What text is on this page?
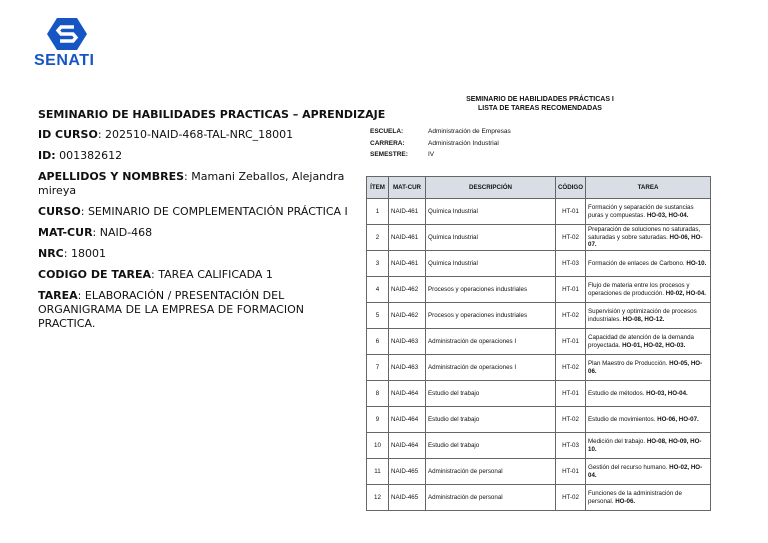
SENATI
SEMINARIO DE HABILIDADES PRACTICAS – APRENDIZAJE
ID CURSO: 202510-NAID-468-TAL-NRC_18001
ID: 001382612
APELLIDOS Y NOMBRES: Mamani Zeballos, Alejandra mireya
CURSO: SEMINARIO DE COMPLEMENTACIÓN PRÁCTICA I
MAT-CUR: NAID-468
NRC: 18001
CODIGO DE TAREA: TAREA CALIFICADA 1
TAREA: ELABORACIÓN / PRESENTACIÓN DEL ORGANIGRAMA DE LA EMPRESA DE FORMACION PRACTICA.
SEMINARIO DE HABILIDADES PRÁCTICAS I
LISTA DE TAREAS RECOMENDADAS
ESCUELA:	Administración de Empresas
CARRERA:	Administración Industrial
SEMESTRE:	IV
ÍTEM	MAT-CUR	DESCRIPCIÓN	CÓDIGO	TAREA
1	NAID-461	Química Industrial	HT-01	Formación y separación de sustancias puras y compuestas. HO-03, HO-04.
2	NAID-461	Química Industrial	HT-02	Preparación de soluciones no saturadas, saturadas y sobre saturadas. HO-06, HO-07.
3	NAID-461	Química Industrial	HT-03	Formación de enlaces de Carbono. HO-10.
4	NAID-462	Procesos y operaciones industriales	HT-01	Flujo de materia entre los procesos y operaciones de producción. H0-02, HO-04.
5	NAID-462	Procesos y operaciones industriales	HT-02	Supervisión y optimización de procesos industriales. HO-08, HO-12.
6	NAID-463	Administración de operaciones I	HT-01	Capacidad de atención de la demanda proyectada. HO-01, HO-02, HO-03.
7	NAID-463	Administración de operaciones I	HT-02	Plan Maestro de Producción. HO-05, HO-06.
8	NAID-464	Estudio del trabajo	HT-01	Estudio de métodos. HO-03, HO-04.
9	NAID-464	Estudio del trabajo	HT-02	Estudio de movimientos. HO-06, HO-07.
10	NAID-464	Estudio del trabajo	HT-03	Medición del trabajo. HO-08, HO-09, HO-10.
11	NAID-465	Administración de personal	HT-01	Gestión del recurso humano. HO-02, HO-04.
12	NAID-465	Administración de personal	HT-02	Funciones de la administración de personal. HO-06.
